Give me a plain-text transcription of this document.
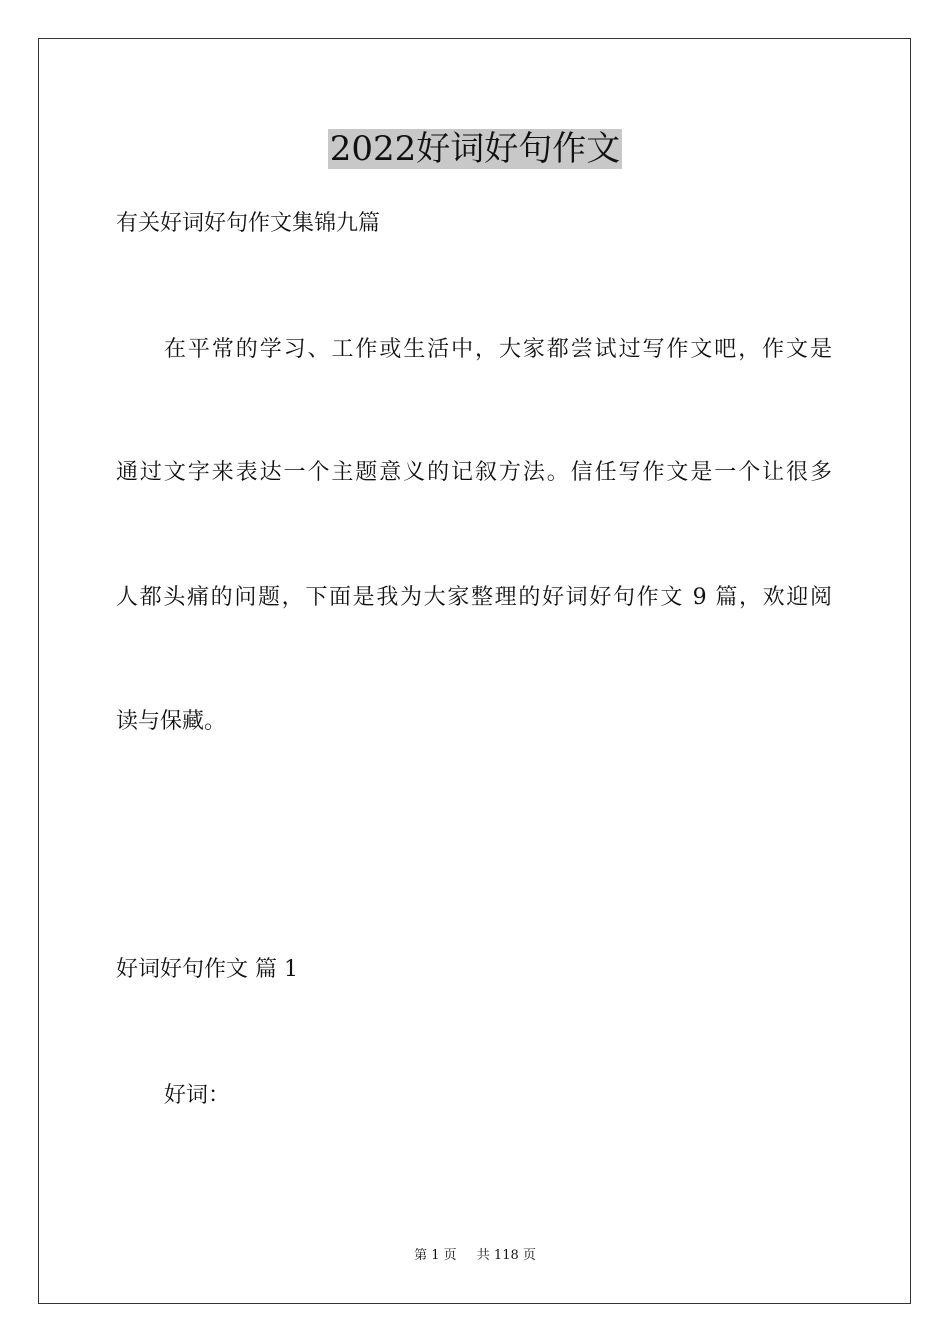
2022好词好句作文
有关好词好句作文集锦九篇
在平常的学习、工作或生活中，大家都尝试过写作文吧，作文是
通过文字来表达一个主题意义的记叙方法。信任写作文是一个让很多
人都头痛的问题，下面是我为大家整理的好词好句作文 9 篇，欢迎阅
读与保藏。
好词好句作文 篇 1
好词：
第 1 页 共 118 页
